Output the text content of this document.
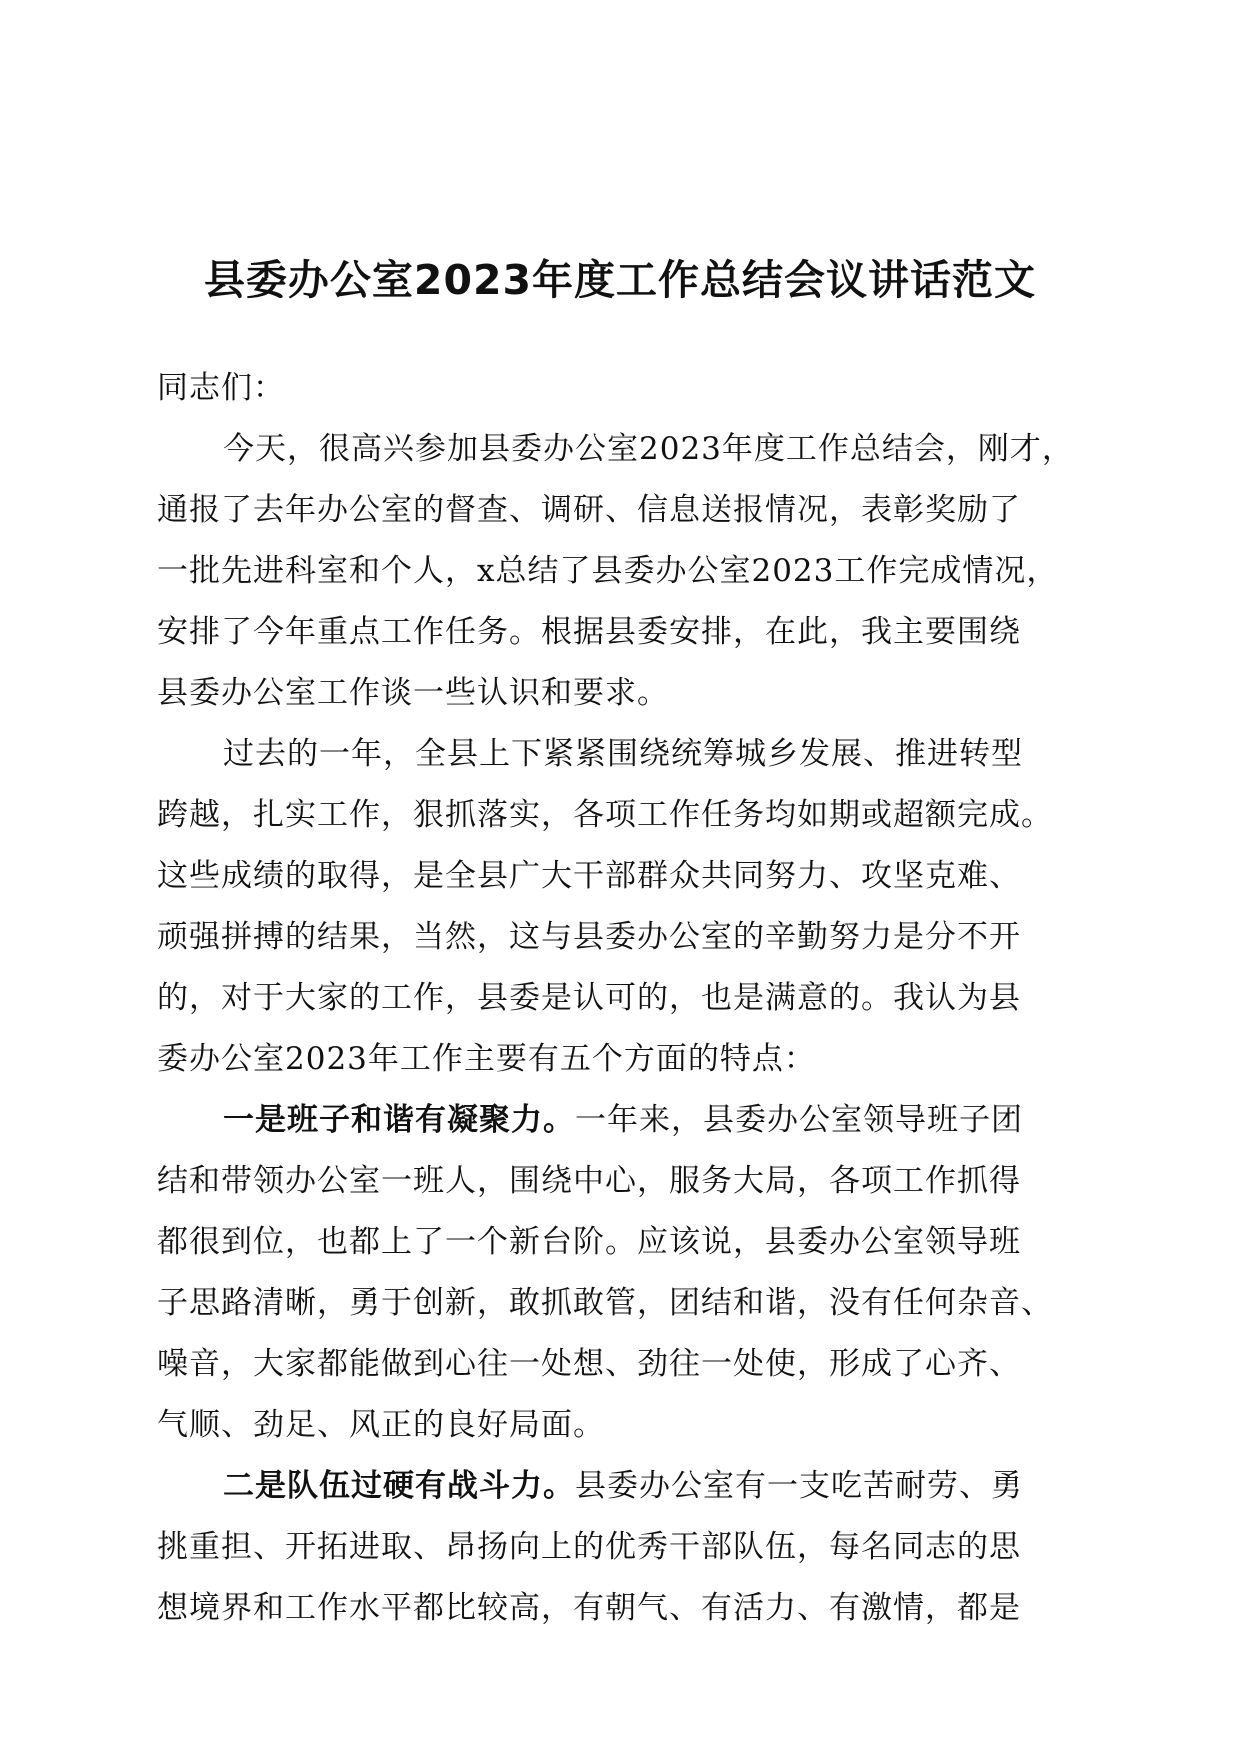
县委办公室2023年度工作总结会议讲话范文
同志们：
今天，很高兴参加县委办公室2023年度工作总结会，刚才，
通报了去年办公室的督查、调研、信息送报情况，表彰奖励了
一批先进科室和个人，x总结了县委办公室2023工作完成情况，
安排了今年重点工作任务。根据县委安排，在此，我主要围绕
县委办公室工作谈一些认识和要求。
过去的一年，全县上下紧紧围绕统筹城乡发展、推进转型
跨越，扎实工作，狠抓落实，各项工作任务均如期或超额完成。
这些成绩的取得，是全县广大干部群众共同努力、攻坚克难、
顽强拼搏的结果，当然，这与县委办公室的辛勤努力是分不开
的，对于大家的工作，县委是认可的，也是满意的。我认为县
委办公室2023年工作主要有五个方面的特点：
一是班子和谐有凝聚力。一年来，县委办公室领导班子团
结和带领办公室一班人，围绕中心，服务大局，各项工作抓得
都很到位，也都上了一个新台阶。应该说，县委办公室领导班
子思路清晰，勇于创新，敢抓敢管，团结和谐，没有任何杂音、
噪音，大家都能做到心往一处想、劲往一处使，形成了心齐、
气顺、劲足、风正的良好局面。
二是队伍过硬有战斗力。县委办公室有一支吃苦耐劳、勇
挑重担、开拓进取、昂扬向上的优秀干部队伍，每名同志的思
想境界和工作水平都比较高，有朝气、有活力、有激情，都是
